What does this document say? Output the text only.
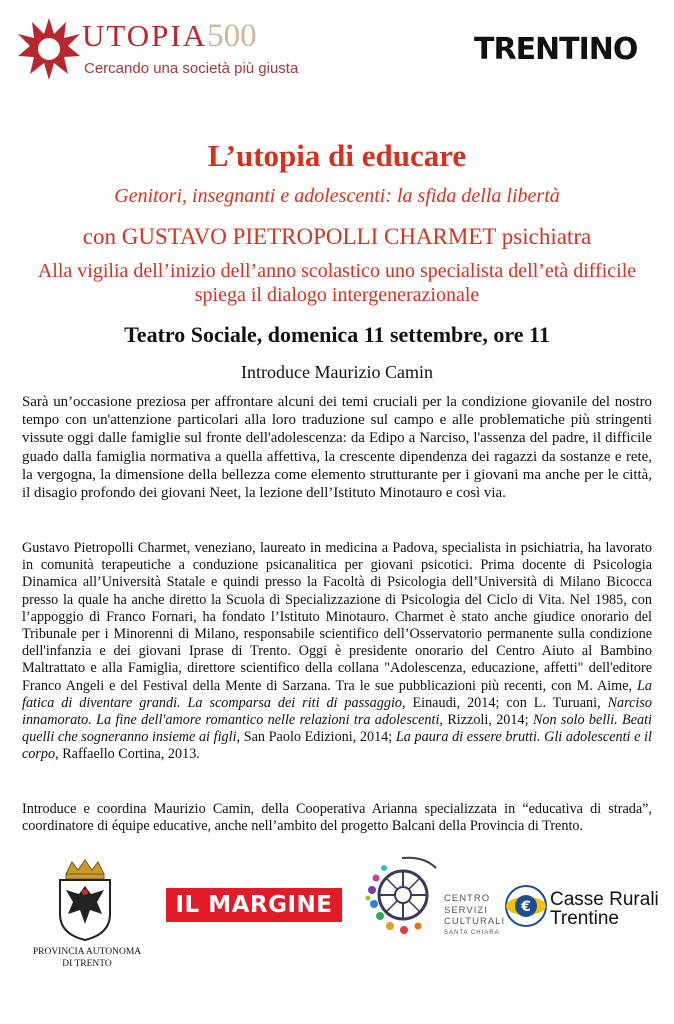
UTOPIA500
Cercando una società più giusta
TRENTINO
L’utopia di educare
Genitori, insegnanti e adolescenti: la sfida della libertà
con GUSTAVO PIETROPOLLI CHARMET psichiatra
Alla vigilia dell’inizio dell’anno scolastico uno specialista dell’età difficile
spiega il dialogo intergenerazionale
Teatro Sociale, domenica 11 settembre, ore 11
Introduce Maurizio Camin

Sarà un’occasione preziosa per affrontare alcuni dei temi cruciali per la condizione giovanile del nostro tempo con un'attenzione particolari alla loro traduzione sul campo e alle problematiche più stringenti vissute oggi dalle famiglie sul fronte dell'adolescenza: da Edipo a Narciso, l'assenza del padre, il difficile guado dalla famiglia normativa a quella affettiva, la crescente dipendenza dei ragazzi da sostanze e rete, la vergogna, la dimensione della bellezza come elemento strutturante per i giovani ma anche per le città, il disagio profondo dei giovani Neet, la lezione dell’Istituto Minotauro e così via.

Gustavo Pietropolli Charmet, veneziano, laureato in medicina a Padova, specialista in psichiatria, ha lavorato in comunità terapeutiche a conduzione psicanalitica per giovani psicotici. Prima docente di Psicologia Dinamica all’Università Statale e quindi presso la Facoltà di Psicologia dell’Università di Milano Bicocca presso la quale ha anche diretto la Scuola di Specializzazione di Psicologia del Ciclo di Vita. Nel 1985, con l’appoggio di Franco Fornari, ha fondato l’Istituto Minotauro. Charmet è stato anche giudice onorario del Tribunale per i Minorenni di Milano, responsabile scientifico dell’Osservatorio permanente sulla condizione dell'infanzia e dei giovani Iprase di Trento. Oggi è presidente onorario del Centro Aiuto al Bambino Maltrattato e alla Famiglia, direttore scientifico della collana "Adolescenza, educazione, affetti" dell'editore Franco Angeli e del Festival della Mente di Sarzana. Tra le sue pubblicazioni più recenti, con M. Aime, La fatica di diventare grandi. La scomparsa dei riti di passaggio, Einaudi, 2014; con L. Turuani, Narciso innamorato. La fine dell'amore romantico nelle relazioni tra adolescenti, Rizzoli, 2014; Non solo belli. Beati quelli che sogneranno insieme ai figli, San Paolo Edizioni, 2014; La paura di essere brutti. Gli adolescenti e il corpo, Raffaello Cortina, 2013.

Introduce e coordina Maurizio Camin, della Cooperativa Arianna specializzata in “educativa di strada”, coordinatore di équipe educative, anche nell’ambito del progetto Balcani della Provincia di Trento.

PROVINCIA AUTONOMA
DI TRENTO
IL MARGINE	CENTRO
SERVIZI
CULTURALI
SANTA CHIARA
€ Casse Rurali
Trentine
